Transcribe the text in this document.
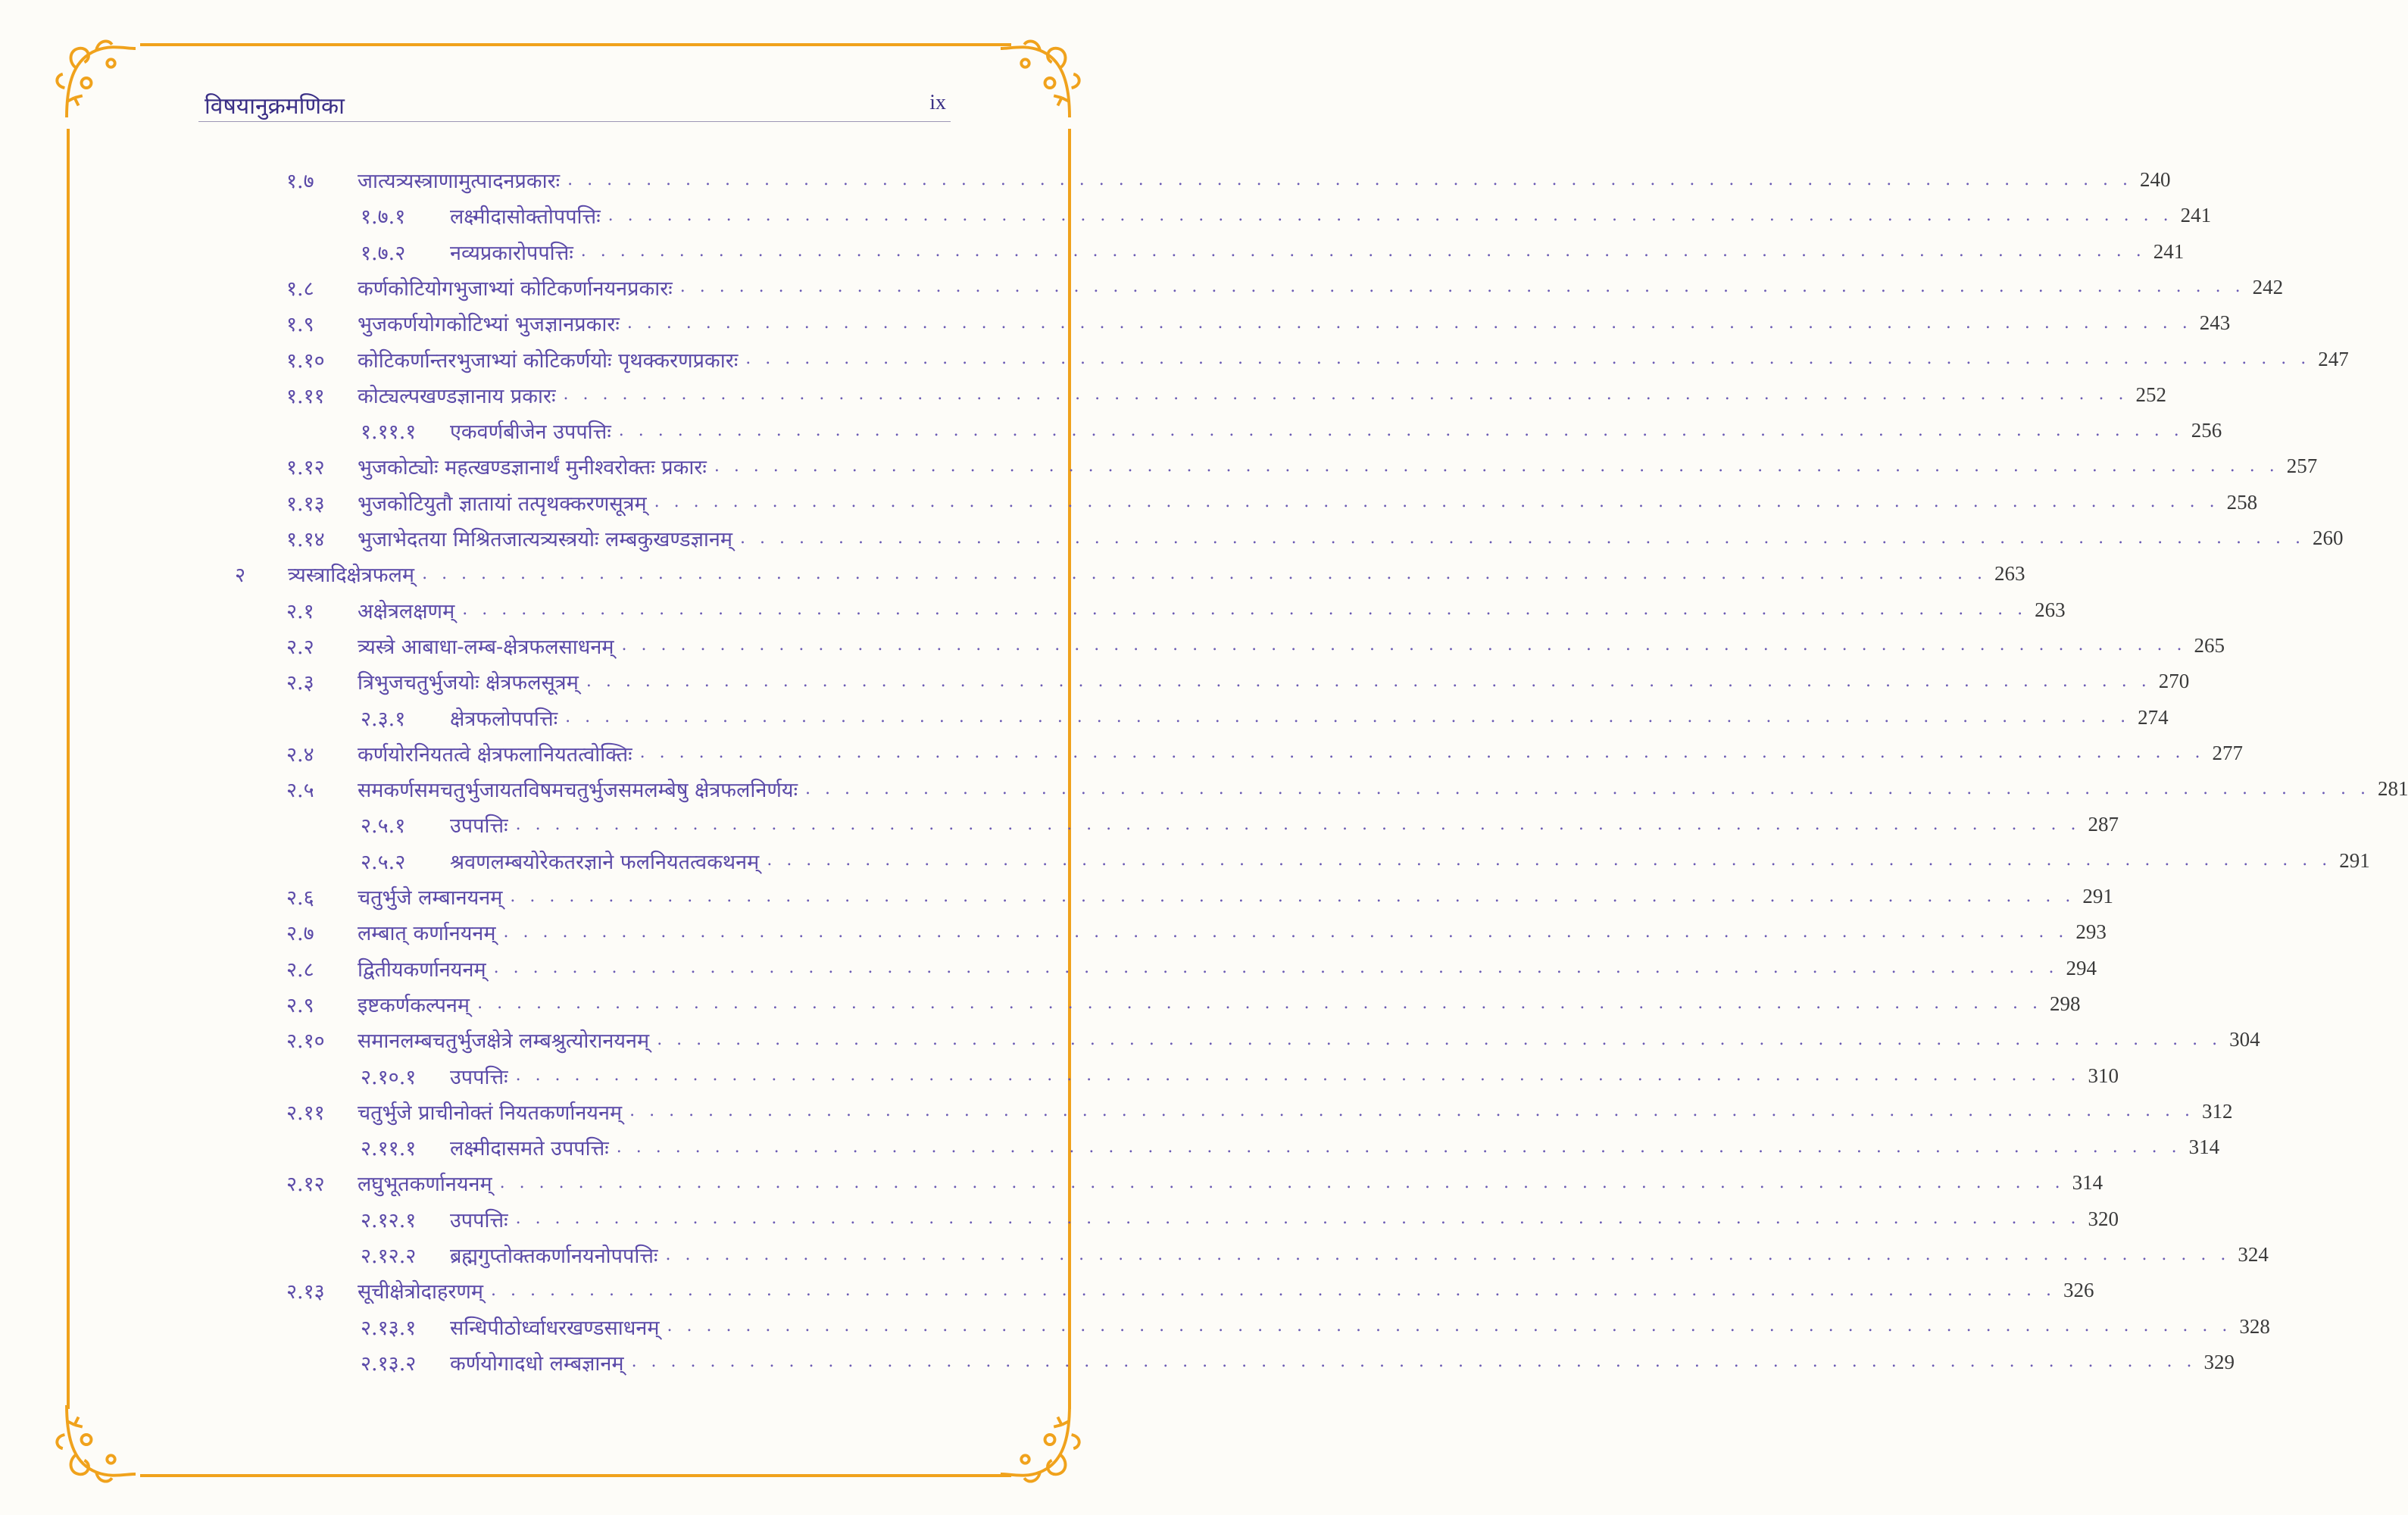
विषयानुक्रमणिका	ix
१.७	जात्यत्र्यस्त्राणामुत्पादनप्रकारः . . . . . . . . . . . . . . . . . . . . . . . . . . . . . . . . . . . . . . . . . . . . . . . . . . . . . . . . . . . . . . . . . . . . . . . . . . . . . . . . 240
१.७.१	लक्ष्मीदासोक्तोपपत्तिः . . . . . . . . . . . . . . . . . . . . . . . . . . . . . . . . . . . . . . . . . . . . . . . . . . . . . . . . . . . . . . . . . . . . . . . . . . . . . . . . 241
१.७.२	नव्यप्रकारोपपत्तिः . . . . . . . . . . . . . . . . . . . . . . . . . . . . . . . . . . . . . . . . . . . . . . . . . . . . . . . . . . . . . . . . . . . . . . . . . . . . . . . . 241
१.८	कर्णकोटियोगभुजाभ्यां कोटिकर्णानयनप्रकारः . . . . . . . . . . . . . . . . . . . . . . . . . . . . . . . . . . . . . . . . . . . . . . . . . . . . . . . . . . . . . . . . . . . . . . . . . . . . . . . . 242
१.९	भुजकर्णयोगकोटिभ्यां भुजज्ञानप्रकारः . . . . . . . . . . . . . . . . . . . . . . . . . . . . . . . . . . . . . . . . . . . . . . . . . . . . . . . . . . . . . . . . . . . . . . . . . . . . . . . . 243
१.१०	कोटिकर्णान्तरभुजाभ्यां कोटिकर्णयोः पृथक्करणप्रकारः . . . . . . . . . . . . . . . . . . . . . . . . . . . . . . . . . . . . . . . . . . . . . . . . . . . . . . . . . . . . . . . . . . . . . . . . . . . . . . . . 247
१.११	कोट्यल्पखण्डज्ञानाय प्रकारः . . . . . . . . . . . . . . . . . . . . . . . . . . . . . . . . . . . . . . . . . . . . . . . . . . . . . . . . . . . . . . . . . . . . . . . . . . . . . . . . 252
१.११.१	एकवर्णबीजेन उपपत्तिः . . . . . . . . . . . . . . . . . . . . . . . . . . . . . . . . . . . . . . . . . . . . . . . . . . . . . . . . . . . . . . . . . . . . . . . . . . . . . . . . 256
१.१२	भुजकोट्योः महत्खण्डज्ञानार्थं मुनीश्वरोक्तः प्रकारः . . . . . . . . . . . . . . . . . . . . . . . . . . . . . . . . . . . . . . . . . . . . . . . . . . . . . . . . . . . . . . . . . . . . . . . . . . . . . . . . 257
१.१३	भुजकोटियुतौ ज्ञातायां तत्पृथक्करणसूत्रम् . . . . . . . . . . . . . . . . . . . . . . . . . . . . . . . . . . . . . . . . . . . . . . . . . . . . . . . . . . . . . . . . . . . . . . . . . . . . . . . . 258
१.१४	भुजाभेदतया मिश्रितजात्यत्र्यस्त्रयोः लम्बकुखण्डज्ञानम् . . . . . . . . . . . . . . . . . . . . . . . . . . . . . . . . . . . . . . . . . . . . . . . . . . . . . . . . . . . . . . . . . . . . . . . . . . . . . . . . 260
२	त्र्यस्त्रादिक्षेत्रफलम् . . . . . . . . . . . . . . . . . . . . . . . . . . . . . . . . . . . . . . . . . . . . . . . . . . . . . . . . . . . . . . . . . . . . . . . . . . . . . . . . 263
२.१	अक्षेत्रलक्षणम् . . . . . . . . . . . . . . . . . . . . . . . . . . . . . . . . . . . . . . . . . . . . . . . . . . . . . . . . . . . . . . . . . . . . . . . . . . . . . . . . 263
२.२	त्र्यस्त्रे आबाधा-लम्ब-क्षेत्रफलसाधनम् . . . . . . . . . . . . . . . . . . . . . . . . . . . . . . . . . . . . . . . . . . . . . . . . . . . . . . . . . . . . . . . . . . . . . . . . . . . . . . . . 265
२.३	त्रिभुजचतुर्भुजयोः क्षेत्रफलसूत्रम् . . . . . . . . . . . . . . . . . . . . . . . . . . . . . . . . . . . . . . . . . . . . . . . . . . . . . . . . . . . . . . . . . . . . . . . . . . . . . . . . 270
२.३.१	क्षेत्रफलोपपत्तिः . . . . . . . . . . . . . . . . . . . . . . . . . . . . . . . . . . . . . . . . . . . . . . . . . . . . . . . . . . . . . . . . . . . . . . . . . . . . . . . . 274
२.४	कर्णयोरनियतत्वे क्षेत्रफलानियतत्वोक्तिः . . . . . . . . . . . . . . . . . . . . . . . . . . . . . . . . . . . . . . . . . . . . . . . . . . . . . . . . . . . . . . . . . . . . . . . . . . . . . . . . 277
२.५	समकर्णसमचतुर्भुजायतविषमचतुर्भुजसमलम्बेषु क्षेत्रफलनिर्णयः . . . . . . . . . . . . . . . . . . . . . . . . . . . . . . . . . . . . . . . . . . . . . . . . . . . . . . . . . . . . . . . . . . . . . . . . . . . . . . . . 281
२.५.१	उपपत्तिः . . . . . . . . . . . . . . . . . . . . . . . . . . . . . . . . . . . . . . . . . . . . . . . . . . . . . . . . . . . . . . . . . . . . . . . . . . . . . . . . 287
२.५.२	श्रवणलम्बयोरेकतरज्ञाने फलनियतत्वकथनम् . . . . . . . . . . . . . . . . . . . . . . . . . . . . . . . . . . . . . . . . . . . . . . . . . . . . . . . . . . . . . . . . . . . . . . . . . . . . . . . . 291
२.६	चतुर्भुजे लम्बानयनम् . . . . . . . . . . . . . . . . . . . . . . . . . . . . . . . . . . . . . . . . . . . . . . . . . . . . . . . . . . . . . . . . . . . . . . . . . . . . . . . . 291
२.७	लम्बात् कर्णानयनम् . . . . . . . . . . . . . . . . . . . . . . . . . . . . . . . . . . . . . . . . . . . . . . . . . . . . . . . . . . . . . . . . . . . . . . . . . . . . . . . . 293
२.८	द्वितीयकर्णानयनम् . . . . . . . . . . . . . . . . . . . . . . . . . . . . . . . . . . . . . . . . . . . . . . . . . . . . . . . . . . . . . . . . . . . . . . . . . . . . . . . . 294
२.९	इष्टकर्णकल्पनम् . . . . . . . . . . . . . . . . . . . . . . . . . . . . . . . . . . . . . . . . . . . . . . . . . . . . . . . . . . . . . . . . . . . . . . . . . . . . . . . . 298
२.१०	समानलम्बचतुर्भुजक्षेत्रे लम्बश्रुत्योरानयनम् . . . . . . . . . . . . . . . . . . . . . . . . . . . . . . . . . . . . . . . . . . . . . . . . . . . . . . . . . . . . . . . . . . . . . . . . . . . . . . . . 304
२.१०.१	उपपत्तिः . . . . . . . . . . . . . . . . . . . . . . . . . . . . . . . . . . . . . . . . . . . . . . . . . . . . . . . . . . . . . . . . . . . . . . . . . . . . . . . . 310
२.११	चतुर्भुजे प्राचीनोक्तं नियतकर्णानयनम् . . . . . . . . . . . . . . . . . . . . . . . . . . . . . . . . . . . . . . . . . . . . . . . . . . . . . . . . . . . . . . . . . . . . . . . . . . . . . . . . 312
२.११.१	लक्ष्मीदासमते उपपत्तिः . . . . . . . . . . . . . . . . . . . . . . . . . . . . . . . . . . . . . . . . . . . . . . . . . . . . . . . . . . . . . . . . . . . . . . . . . . . . . . . . 314
२.१२	लघुभूतकर्णानयनम् . . . . . . . . . . . . . . . . . . . . . . . . . . . . . . . . . . . . . . . . . . . . . . . . . . . . . . . . . . . . . . . . . . . . . . . . . . . . . . . . 314
२.१२.१	उपपत्तिः . . . . . . . . . . . . . . . . . . . . . . . . . . . . . . . . . . . . . . . . . . . . . . . . . . . . . . . . . . . . . . . . . . . . . . . . . . . . . . . . 320
२.१२.२	ब्रह्मगुप्तोक्तकर्णानयनोपपत्तिः . . . . . . . . . . . . . . . . . . . . . . . . . . . . . . . . . . . . . . . . . . . . . . . . . . . . . . . . . . . . . . . . . . . . . . . . . . . . . . . . 324
२.१३	सूचीक्षेत्रोदाहरणम् . . . . . . . . . . . . . . . . . . . . . . . . . . . . . . . . . . . . . . . . . . . . . . . . . . . . . . . . . . . . . . . . . . . . . . . . . . . . . . . . 326
२.१३.१	सन्धिपीठोर्ध्वाधरखण्डसाधनम् . . . . . . . . . . . . . . . . . . . . . . . . . . . . . . . . . . . . . . . . . . . . . . . . . . . . . . . . . . . . . . . . . . . . . . . . . . . . . . . . 328
२.१३.२	कर्णयोगादधो लम्बज्ञानम् . . . . . . . . . . . . . . . . . . . . . . . . . . . . . . . . . . . . . . . . . . . . . . . . . . . . . . . . . . . . . . . . . . . . . . . . . . . . . . . . 329
